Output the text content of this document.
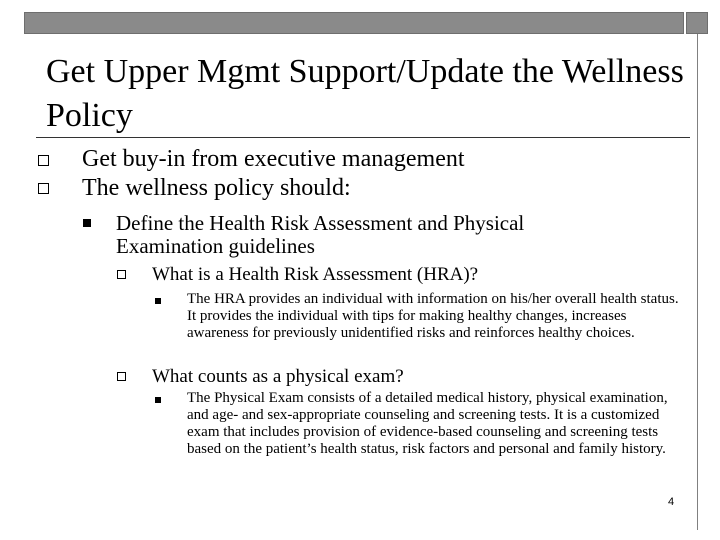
Get Upper Mgmt Support/Update the Wellness Policy
Get buy-in from executive management
The wellness policy should:
Define the Health Risk Assessment and Physical Examination guidelines
What is a Health Risk Assessment (HRA)?
The HRA provides an individual with information on his/her overall health status. It provides the individual with tips for making healthy changes, increases awareness for previously unidentified risks and reinforces healthy choices.
What counts as a physical exam?
The Physical Exam consists of a detailed medical history, physical examination, and age- and sex-appropriate counseling and screening tests. It is a customized exam that includes provision of evidence-based counseling and screening tests based on the patient’s health status, risk factors and personal and family history.
4
